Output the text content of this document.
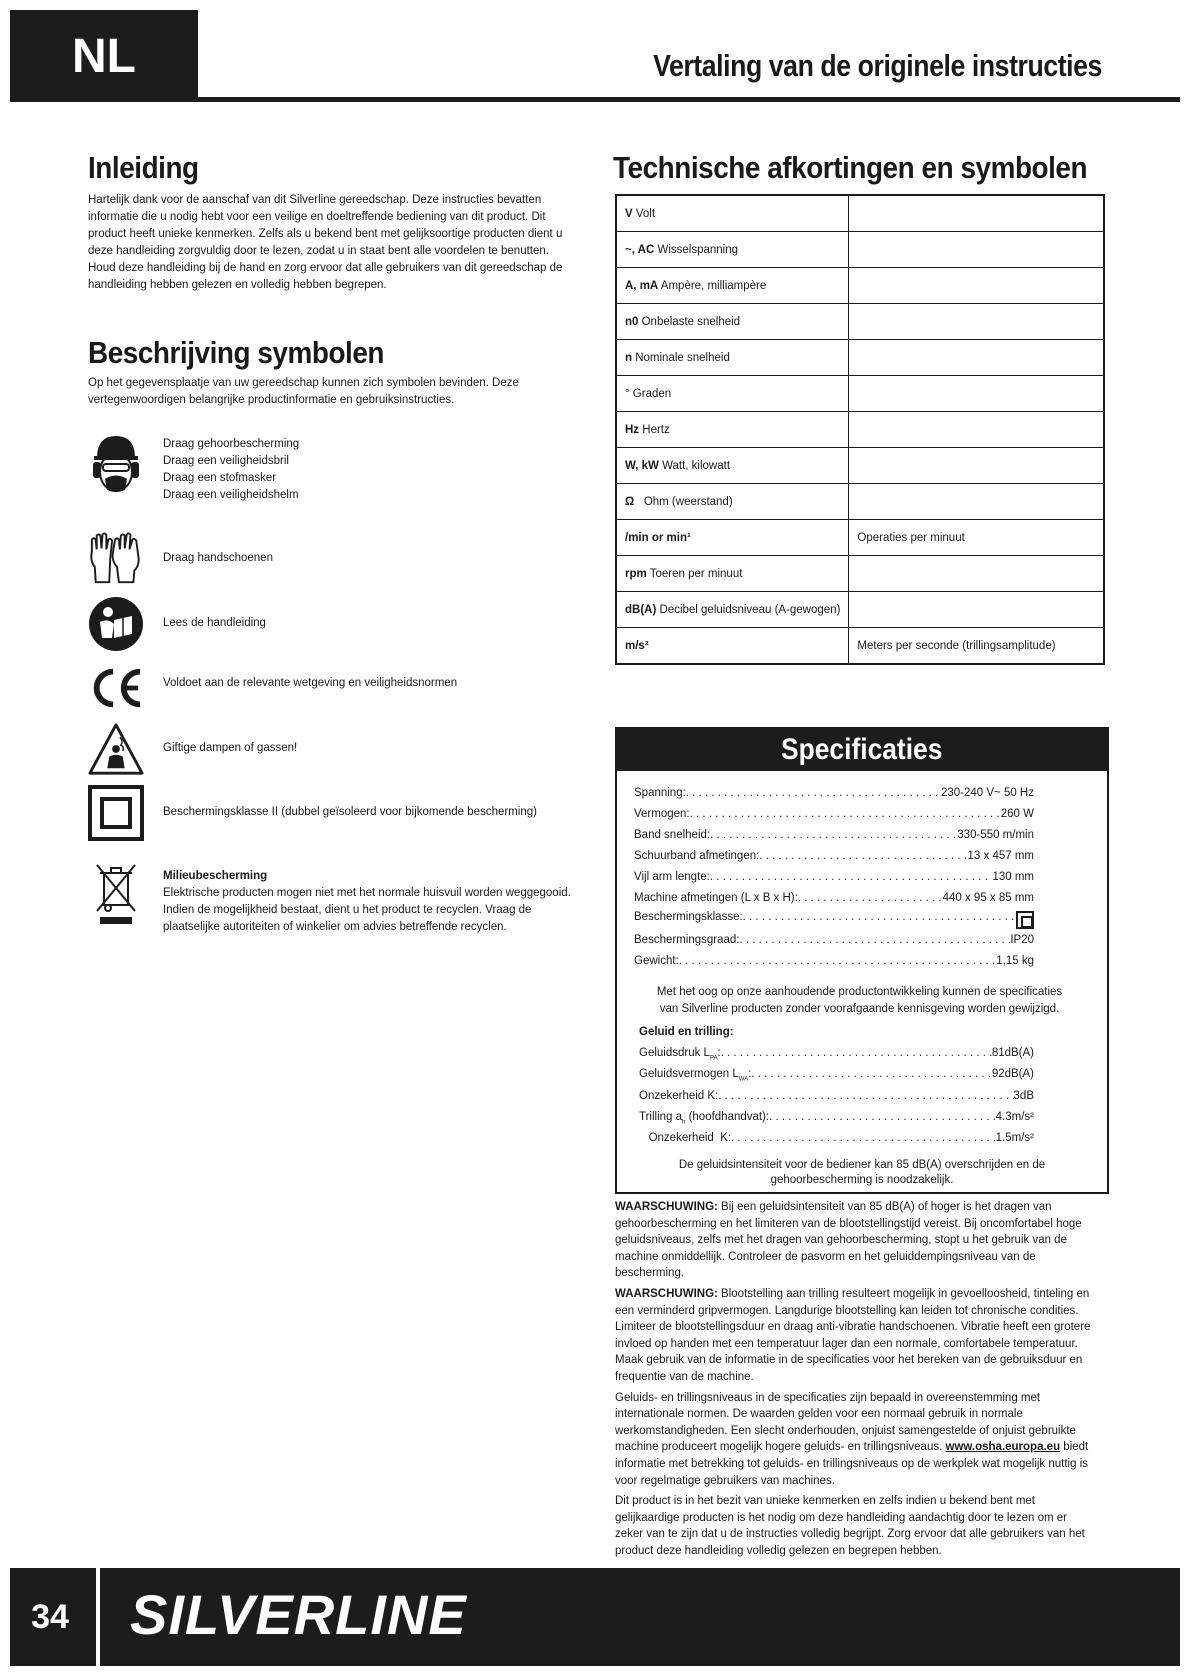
NL	Vertaling van de originele instructies
Inleiding
Hartelijk dank voor de aanschaf van dit Silverline gereedschap. Deze instructies bevatten informatie die u nodig hebt voor een veilige en doeltreffende bediening van dit product. Dit product heeft unieke kenmerken. Zelfs als u bekend bent met gelijksoortige producten dient u deze handleiding zorgvuldig door te lezen, zodat u in staat bent alle voordelen te benutten. Houd deze handleiding bij de hand en zorg ervoor dat alle gebruikers van dit gereedschap de handleiding hebben gelezen en volledig hebben begrepen.
Beschrijving symbolen
Op het gegevensplaatje van uw gereedschap kunnen zich symbolen bevinden. Deze vertegenwoordigen belangrijke productinformatie en gebruiksinstructies.
Draag gehoorbescherming
Draag een veiligheidsbril
Draag een stofmasker
Draag een veiligheidshelm
Draag handschoenen
Lees de handleiding
Voldoet aan de relevante wetgeving en veiligheidsnormen
Giftige dampen of gassen!
Beschermingsklasse II (dubbel geïsoleerd voor bijkomende bescherming)
Milieubescherming
Elektrische producten mogen niet met het normale huisvuil worden weggegooid. Indien de mogelijkheid bestaat, dient u het product te recyclen. Vraag de plaatselijke autoriteiten of winkelier om advies betreffende recyclen.
Technische afkortingen en symbolen
V Volt	
~, AC Wisselspanning	
A, mA Ampère, milliampère	
n0 Onbelaste snelheid	
n Nominale snelheid	
° Graden	
Hz Hertz	
W, kW Watt, kilowatt	
Ω   Ohm (weerstand)	
/min or min¹	Operaties per minuut
rpm Toeren per minuut	
dB(A) Decibel geluidsniveau (A-gewogen)	
m/s²	Meters per seconde (trillingsamplitude)
Specificaties
Spanning: . . .	230-240 V~ 50 Hz
Vermogen: . . .	260 W
Band snelheid: . . .	330-550 m/min
Schuurband afmetingen: . . .	13 x 457 mm
Vijl arm lengte: . . .	130 mm
Machine afmetingen (L x B x H): . . .	440 x 95 x 85 mm
Beschermingsklasse:
. . .
Beschermingsgraad: . . .	IP20
Gewicht: . . .	1,15 kg
Met het oog op onze aanhoudende productontwikkeling kunnen de specificaties van Silverline producten zonder voorafgaande kennisgeving worden gewijzigd.
Geluid en trilling:
Geluidsdruk $L_{PA}$: . . .	81dB(A)
Geluidsvermogen $L_{WA}$: . . .	92dB(A)
Onzekerheid K: . . .	3dB
Trilling $a_h$ (hoofdhandvat): . . .	4.3m/s²
Onzekerheid  K: . . .	1.5m/s²
De geluidsintensiteit voor de bediener kan 85 dB(A) overschrijden en de gehoorbescherming is noodzakelijk.

WAARSCHUWING: Bij een geluidsintensiteit van 85 dB(A) of hoger is het dragen van gehoorbescherming en het limiteren van de blootstellingstijd vereist. Bij oncomfortabel hoge geluidsniveaus, zelfs met het dragen van gehoorbescherming, stopt u het gebruik van de machine onmiddellijk. Controleer de pasvorm en het geluiddempingsniveau van de bescherming.

WAARSCHUWING: Blootstelling aan trilling resulteert mogelijk in gevoelloosheid, tinteling en een verminderd gripvermogen. Langdurige blootstelling kan leiden tot chronische condities. Limiteer de blootstellingsduur en draag anti-vibratie handschoenen. Vibratie heeft een grotere invloed op handen met een temperatuur lager dan een normale, comfortabele temperatuur. Maak gebruik van de informatie in de specificaties voor het bereken van de gebruiksduur en frequentie van de machine.

Geluids- en trillingsniveaus in de specificaties zijn bepaald in overeenstemming met internationale normen. De waarden gelden voor een normaal gebruik in normale werkomstandigheden. Een slecht onderhouden, onjuist samengestelde of onjuist gebruikte machine produceert mogelijk hogere geluids- en trillingsniveaus. www.osha.europa.eu biedt informatie met betrekking tot geluids- en trillingsniveaus op de werkplek wat mogelijk nuttig is voor regelmatige gebruikers van machines.

Dit product is in het bezit van unieke kenmerken en zelfs indien u bekend bent met gelijkaardige producten is het nodig om deze handleiding aandachtig door te lezen om er zeker van te zijn dat u de instructies volledig begrijpt. Zorg ervoor dat alle gebruikers van het product deze handleiding volledig gelezen en begrepen hebben.

34	SILVERLINE
